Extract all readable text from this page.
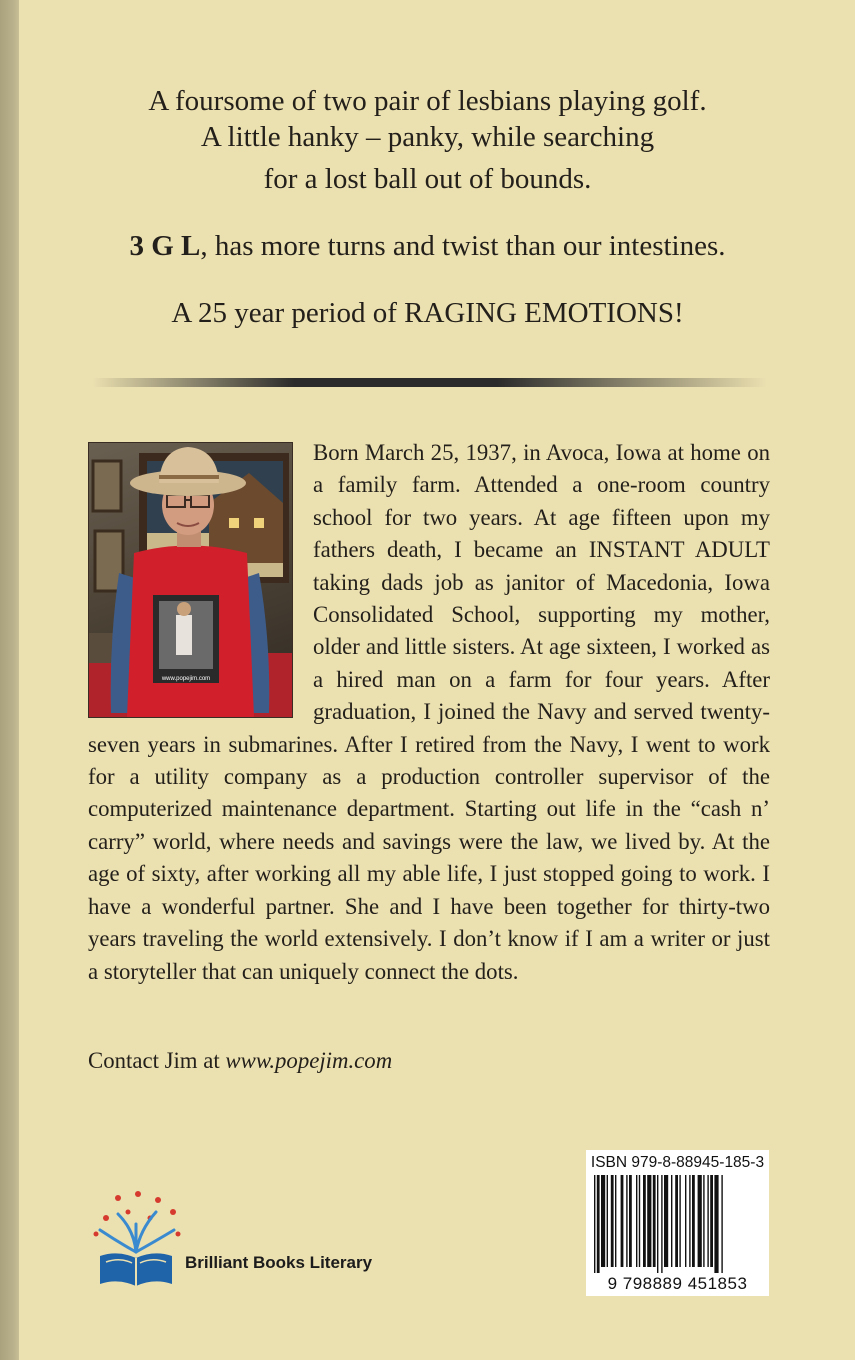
A foursome of two pair of lesbians playing golf.

A little hanky – panky, while searching

for a lost ball out of bounds.

3 G L, has more turns and twist than our intestines.

A 25 year period of RAGING EMOTIONS!

www.popejim.com
Born March 25, 1937, in Avoca, Iowa at home on a family farm. Attended a one-room country school for two years. At age fifteen upon my fathers death, I became an INSTANT ADULT taking dads job as janitor of Macedonia, Iowa Consolidated School, supporting my mother, older and little sisters. At age sixteen, I worked as a hired man on a farm for four years. After graduation, I joined the Navy and served twenty-seven years in submarines. After I retired from the Navy, I went to work for a utility company as a production controller supervisor of the computerized maintenance department. Starting out life in the “cash n’ carry” world, where needs and savings were the law, we lived by. At the age of sixty, after working all my able life, I just stopped going to work. I have a wonderful partner. She and I have been together for thirty-two years traveling the world extensively. I don’t know if I am a writer or just a storyteller that can uniquely connect the dots.

Contact Jim at www.popejim.com

Brilliant Books Literary
ISBN 979-8-88945-185-3
9 798889 451853
